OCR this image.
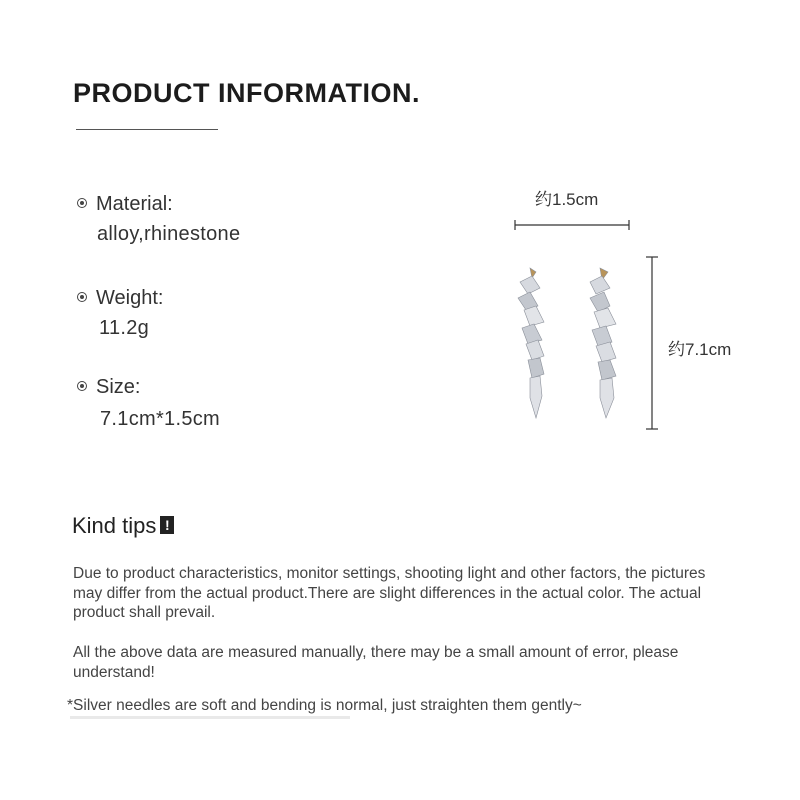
PRODUCT INFORMATION.
Material:
alloy,rhinestone
Weight:
11.2g
Size:
7.1cm*1.5cm
约1.5cm
约7.1cm
Kind tips !

Due to product characteristics, monitor settings, shooting light and other factors, the pictures may differ from the actual product.There are slight differences in the actual color. The actual product shall prevail.

All the above data are measured manually, there may be a small amount of error, please understand!

*Silver needles are soft and bending is normal, just straighten them gently~
